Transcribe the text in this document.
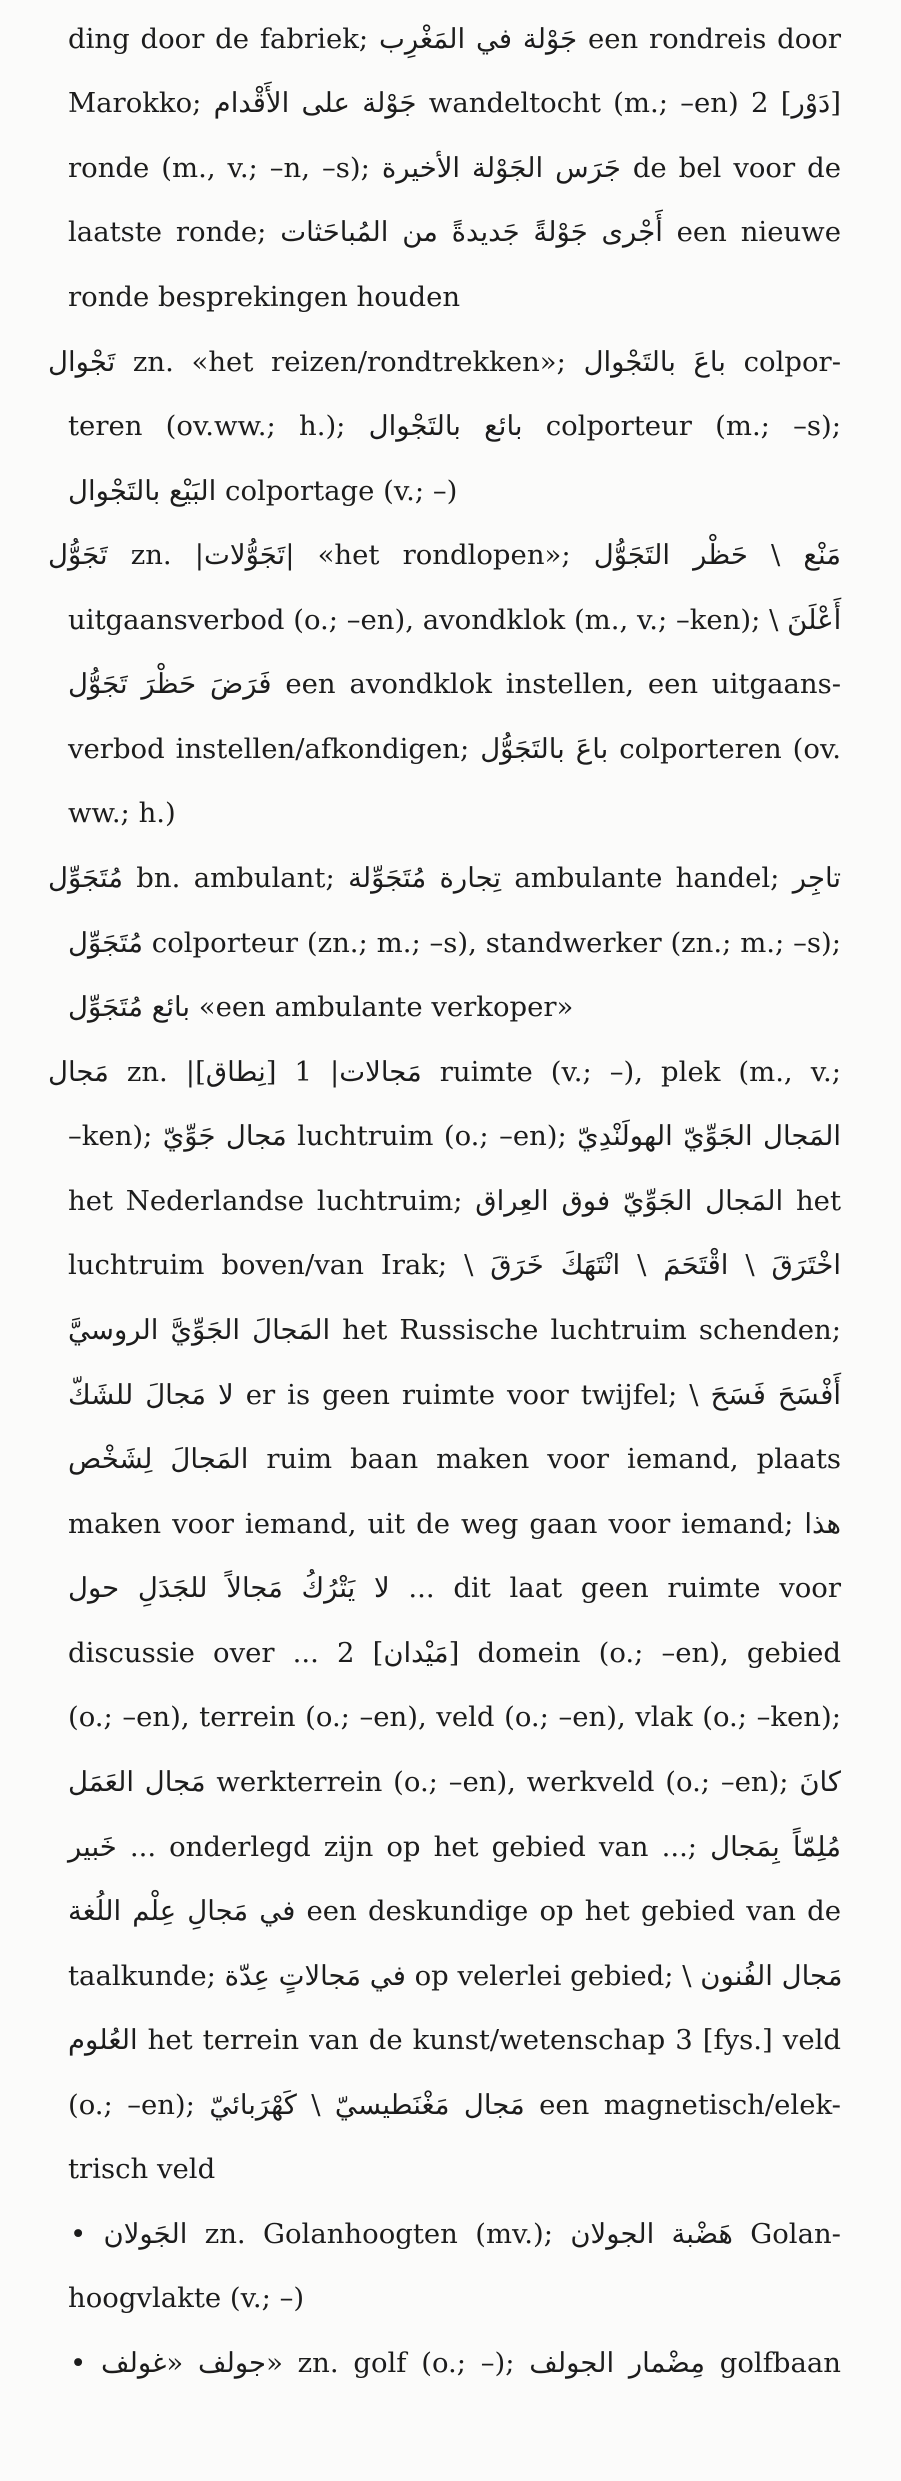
ding door de fabriek; جَوْلة في المَغْرِب een rondreis door
Marokko; جَوْلة على الأَقْدام wandeltocht (m.; –en) 2 [دَوْر]
ronde (m., v.; –n, –s); جَرَس الجَوْلة الأخيرة de bel voor de
laatste ronde; أَجْرى جَوْلةً جَديدةً من المُباحَثات een nieuwe
ronde besprekingen houden
تَجْوال zn. «het reizen/rondtrekken»; باعَ بالتَجْوال colpor-
teren (ov.ww.; h.); بائع بالتَجْوال colporteur (m.; –s);
البَيْع بالتَجْوال colportage (v.; –)
تَجَوُّل zn. |تَجَوُّلات| «het rondlopen»; مَنْع \ حَظْر التَجَوُّل
uitgaansverbod (o.; –en), avondklok (m., v.; –ken); \ أَعْلَنَ
فَرَضَ حَظْرَ تَجَوُّل een avondklok instellen, een uitgaans-
verbod instellen/afkondigen; باعَ بالتَجَوُّل colporteren (ov.
ww.; h.)
مُتَجَوِّل bn. ambulant; تِجارة مُتَجَوِّلة ambulante handel; تاجِر
مُتَجَوِّل colporteur (zn.; m.; –s), standwerker (zn.; m.; –s);
بائع مُتَجَوِّل «een ambulante verkoper»
مَجال zn. |مَجالات| 1 [نِطاق] ruimte (v.; –), plek (m., v.;
–ken); مَجال جَوِّيّ luchtruim (o.; –en); المَجال الجَوِّيّ الهولَنْدِيّ
het Nederlandse luchtruim; المَجال الجَوِّيّ فوق العِراق het
luchtruim boven/van Irak; \ اخْتَرَقَ \ اقْتَحَمَ \ انْتَهَكَ خَرَقَ
المَجالَ الجَوِّيَّ الروسيَّ het Russische luchtruim schenden;
لا مَجالَ للشَكّ er is geen ruimte voor twijfel; \ أَفْسَحَ فَسَحَ
المَجالَ لِشَخْص ruim baan maken voor iemand, plaats
maken voor iemand, uit de weg gaan voor iemand; هذا
لا يَتْرُكُ مَجالاً للجَدَلِ حول ... dit laat geen ruimte voor
discussie over ... 2 [مَيْدان] domein (o.; –en), gebied
(o.; –en), terrein (o.; –en), veld (o.; –en), vlak (o.; –ken);
مَجال العَمَل werkterrein (o.; –en), werkveld (o.; –en); كانَ
خَبير ... onderlegd zijn op het gebied van ...; مُلِمّاً بِمَجال
في مَجالِ عِلْم اللُغة een deskundige op het gebied van de
taalkunde; في مَجالاتٍ عِدّة op velerlei gebied; \ مَجال الفُنون
العُلوم het terrein van de kunst/wetenschap 3 [fys.] veld
(o.; –en); مَجال مَغْنَطيسيّ \ كَهْرَبائيّ een magnetisch/elek-
trisch veld
• الجَولان zn. Golanhoogten (mv.); هَضْبة الجولان Golan-
hoogvlakte (v.; –)
• جولف «غولف» zn. golf (o.; –); مِضْمار الجولف golfbaan
